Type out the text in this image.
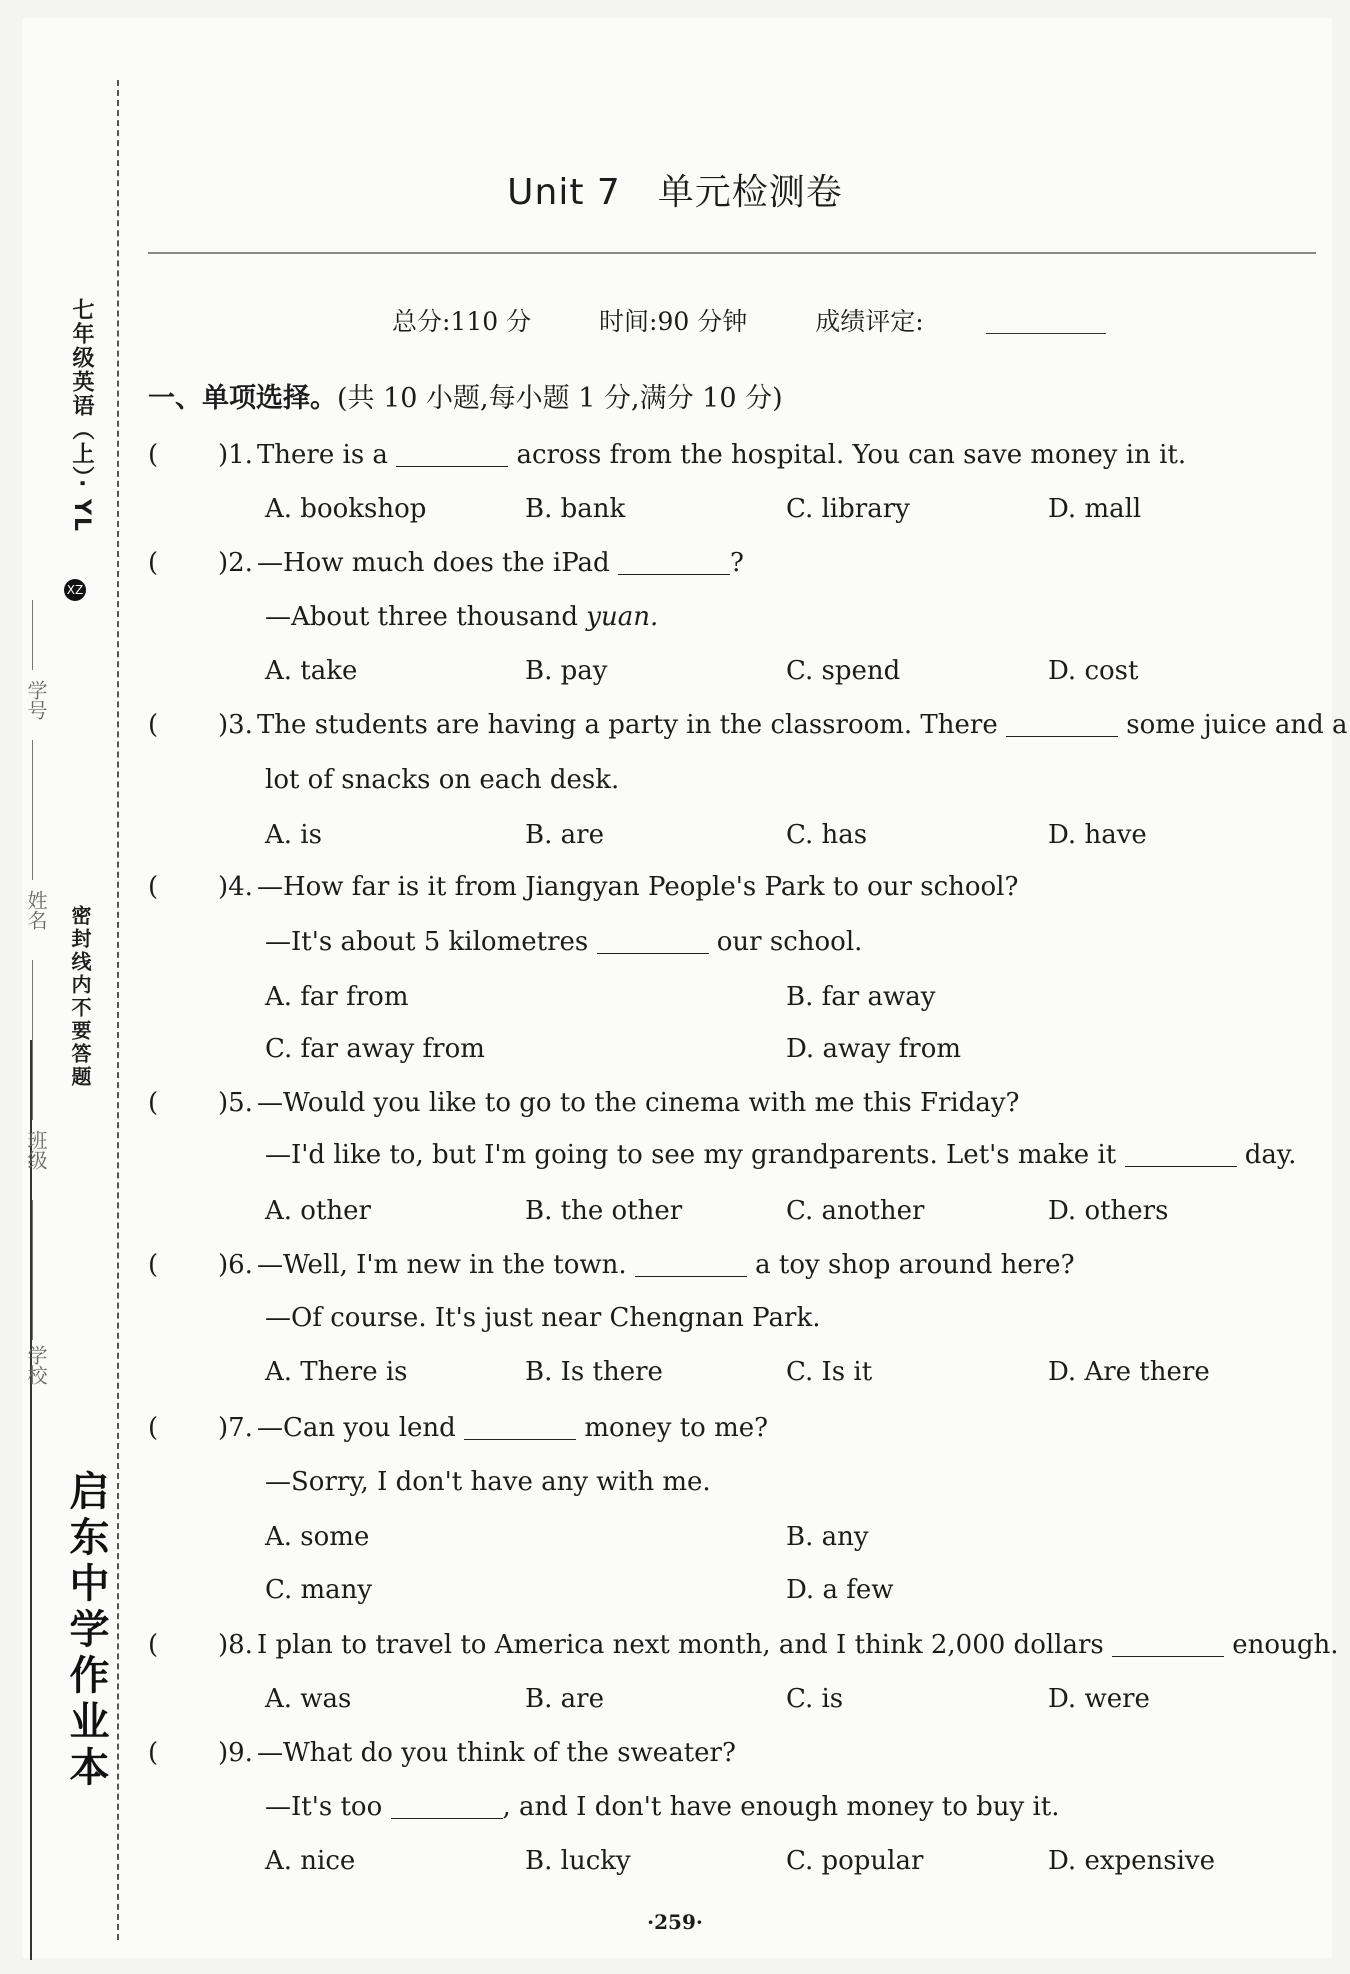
七年级英语（上）· YL
XZ
密封线内不要答题
启东中学作业本
学校
班级
姓名
学号
Unit 7　单元检测卷
总分:110 分	时间:90 分钟	成绩评定:
一、单项选择。(共 10 小题,每小题 1 分,满分 10 分)
( )1. There is a	across from the hospital. You can save money in it.
A. bookshop	B. bank	C. library	D. mall
( )2. —How much does the iPad	?
—About three thousand yuan.
A. take	B. pay	C. spend	D. cost
( )3. The students are having a party in the classroom. There	some juice and a
lot of snacks on each desk.
A. is	B. are	C. has	D. have
( )4. —How far is it from Jiangyan People's Park to our school?
—It's about 5 kilometres	our school.
A. far from	B. far away
C. far away from	D. away from
( )5. —Would you like to go to the cinema with me this Friday?
—I'd like to, but I'm going to see my grandparents. Let's make it	day.
A. other	B. the other	C. another	D. others
( )6. —Well, I'm new in the town.	a toy shop around here?
—Of course. It's just near Chengnan Park.
A. There is	B. Is there	C. Is it	D. Are there
( )7. —Can you lend	money to me?
—Sorry, I don't have any with me.
A. some	B. any
C. many	D. a few
( )8. I plan to travel to America next month, and I think 2,000 dollars	enough.
A. was	B. are	C. is	D. were
( )9. —What do you think of the sweater?
—It's too	, and I don't have enough money to buy it.
A. nice	B. lucky	C. popular	D. expensive
·259·
